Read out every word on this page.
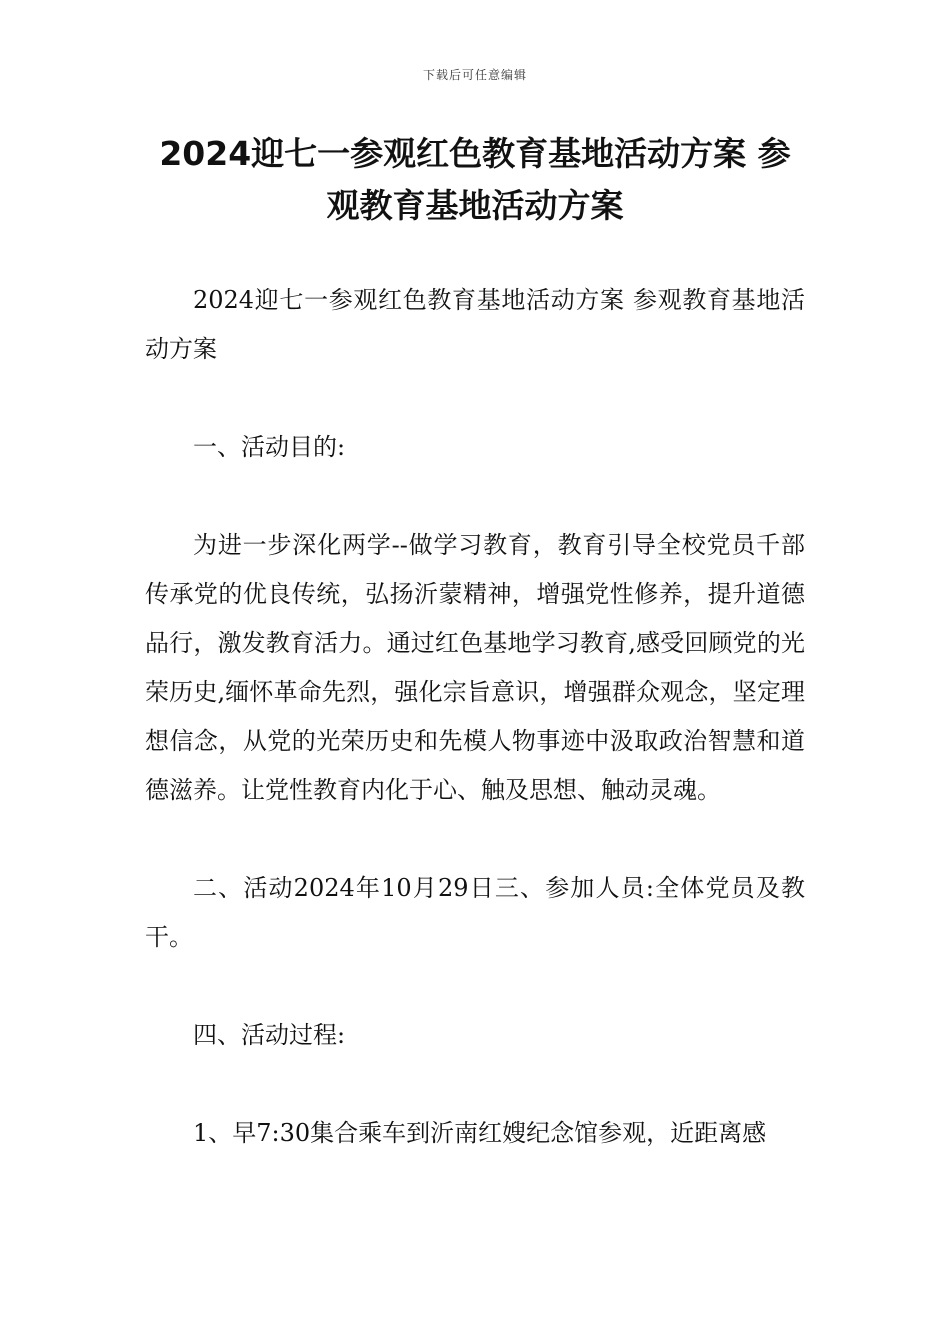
下载后可任意编辑
2024迎七一参观红色教育基地活动方案 参观教育基地活动方案

2024迎七一参观红色教育基地活动方案 参观教育基地活动方案

一、活动目的:

为进一步深化两学--做学习教育，教育引导全校党员千部传承党的优良传统，弘扬沂蒙精神，增强党性修养，提升道德品行，激发教育活力。通过红色基地学习教育,感受回顾党的光荣历史,缅怀革命先烈，强化宗旨意识，增强群众观念，坚定理想信念，从党的光荣历史和先模人物事迹中汲取政治智慧和道德滋养。让党性教育内化于心、触及思想、触动灵魂。

二、活动2024年10月29日三、参加人员:全体党员及教干。

四、活动过程:

1、早7:30集合乘车到沂南红嫂纪念馆参观，近距离感
